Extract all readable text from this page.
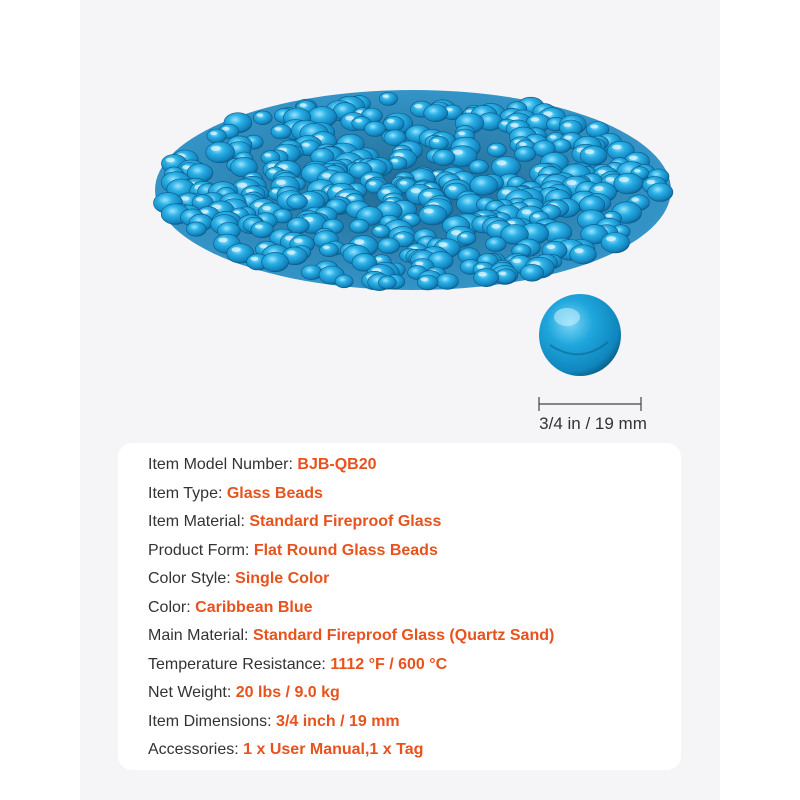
3/4 in / 19 mm
Item Model Number: BJB-QB20
Item Type: Glass Beads
Item Material: Standard Fireproof Glass
Product Form: Flat Round Glass Beads
Color Style: Single Color
Color: Caribbean Blue
Main Material: Standard Fireproof Glass (Quartz Sand)
Temperature Resistance: 1112 °F / 600 °C
Net Weight: 20 lbs / 9.0 kg
Item Dimensions: 3/4 inch / 19 mm
Accessories: 1 x User Manual,1 x Tag
